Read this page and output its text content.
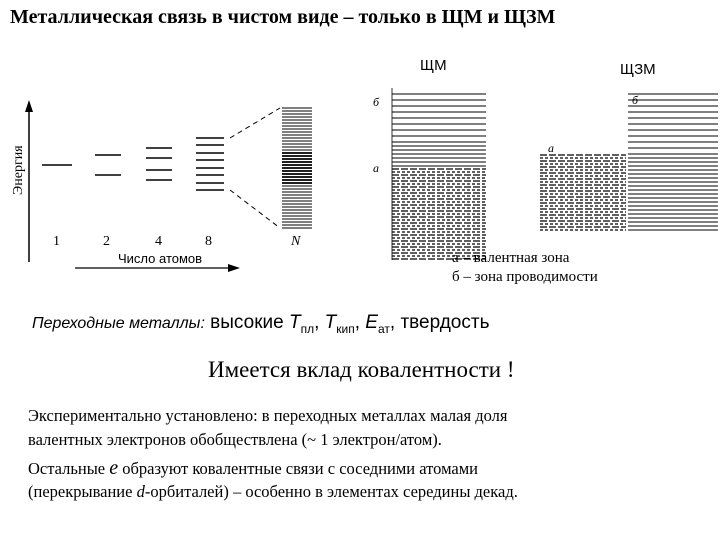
Металлическая связь в чистом виде – только в ЩМ и ЩЗМ
Энергия
1	2	4	8	N
Число атомов
ЩМ	ЩЗМ
б
а
б
а
а – валентная зона
б – зона проводимости
Переходные металлы: высокие $T_{пл}$, $T_{кип}$, $E_{ат}$, твердость
Имеется вклад ковалентности !
Экспериментально установлено: в переходных металлах малая доля
валентных электронов обобществлена (~ 1 электрон/атом).
Остальные e образуют ковалентные связи с соседними атомами
(перекрывание d-орбиталей) – особенно в элементах середины декад.
